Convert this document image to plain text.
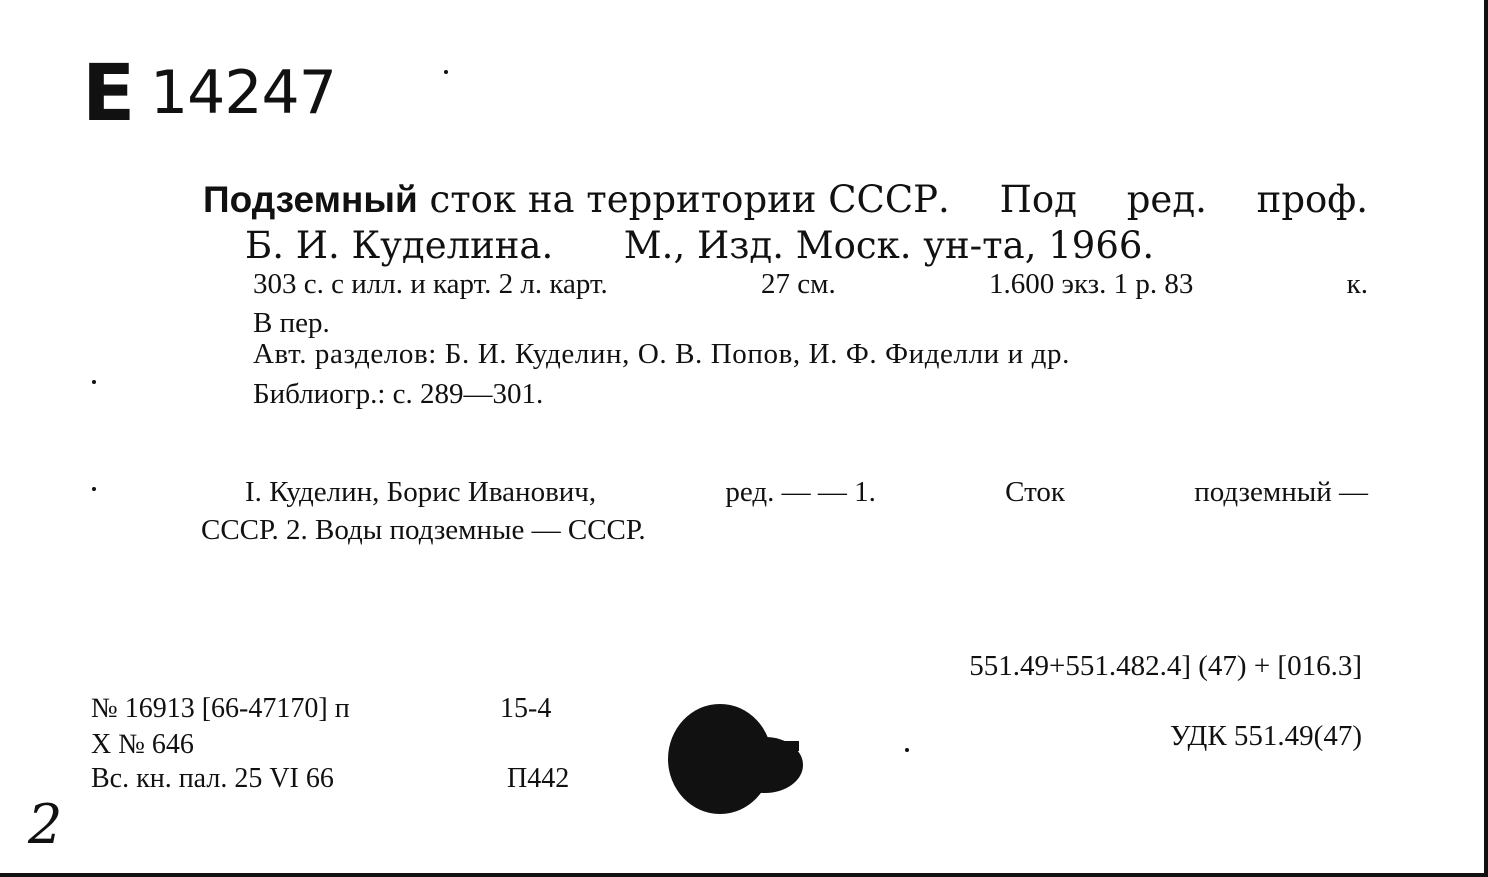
Е 14247
Подземный сток на территории СССР. Под ред. проф.
Б. И. Куделина.      М., Изд. Моск. ун-та, 1966.
303 с. с илл. и карт. 2 л. карт.	27 см.	1.600 экз. 1 р. 83	к.
В пер.
Авт. разделов: Б. И. Куделин, О. В. Попов, И. Ф. Фиделли и др.
Библиогр.: с. 289—301.
I. Куделин, Борис Иванович,	ред. — — 1.	Сток	подземный —
СССР. 2. Воды подземные — СССР.
551.49+551.482.4] (47) + [016.3]
УДК 551.49(47)
№ 16913 [66-47170] п	15-4
Х № 646
Вс. кн. пал. 25 VI 66	П442
2
